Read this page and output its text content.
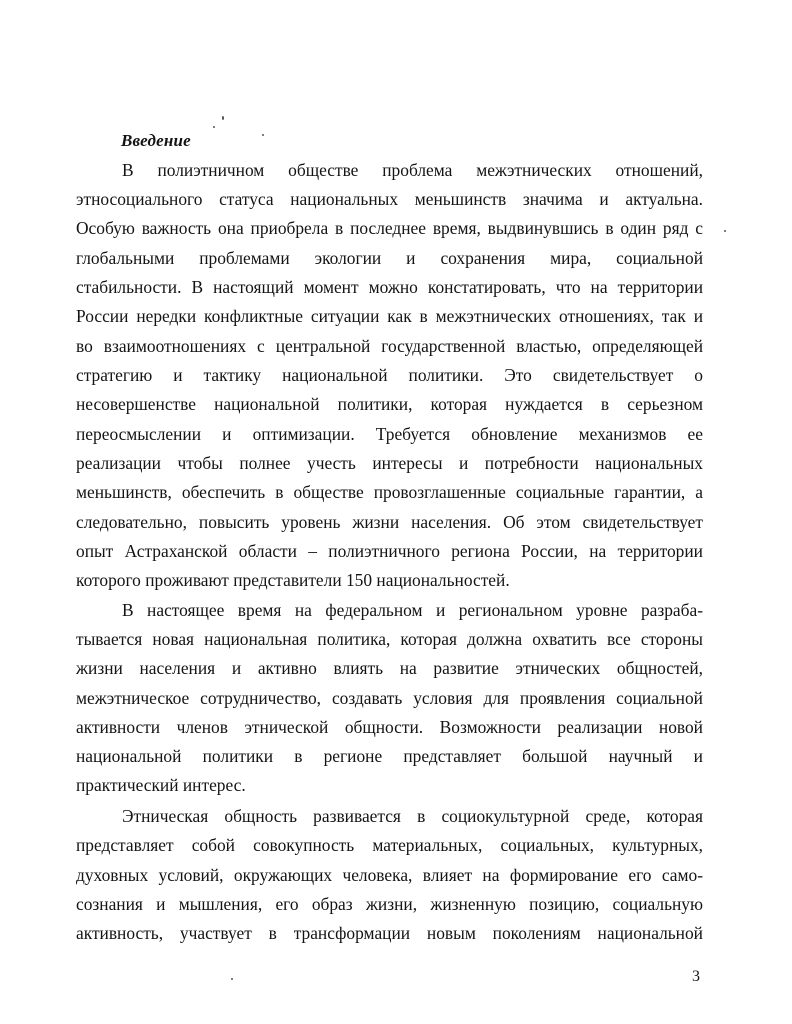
Введение
В полиэтничном обществе проблема межэтнических отношений,
этносоциального статуса национальных меньшинств значима и актуальна.
Особую важность она приобрела в последнее время, выдвинувшись в один ряд с
глобальными проблемами экологии и сохранения мира, социальной
стабильности. В настоящий момент можно констатировать, что на территории
России нередки конфликтные ситуации как в межэтнических отношениях, так и
во взаимоотношениях с центральной государственной властью, определяющей
стратегию и тактику национальной политики. Это свидетельствует о
несовершенстве национальной политики, которая нуждается в серьезном
переосмыслении и оптимизации. Требуется обновление механизмов ее
реализации чтобы полнее учесть интересы и потребности национальных
меньшинств, обеспечить в обществе провозглашенные социальные гарантии, а
следовательно, повысить уровень жизни населения. Об этом свидетельствует
опыт Астраханской области – полиэтничного региона России, на территории
которого проживают представители 150 национальностей.
В настоящее время на федеральном и региональном уровне разраба-
тывается новая национальная политика, которая должна охватить все стороны
жизни населения и активно влиять на развитие этнических общностей,
межэтническое сотрудничество, создавать условия для проявления социальной
активности членов этнической общности. Возможности реализации новой
национальной политики в регионе представляет большой научный и
практический интерес.
Этническая общность развивается в социокультурной среде, которая
представляет собой совокупность материальных, социальных, культурных,
духовных условий, окружающих человека, влияет на формирование его само-
сознания и мышления, его образ жизни, жизненную позицию, социальную
активность, участвует в трансформации новым поколениям национальной
3
